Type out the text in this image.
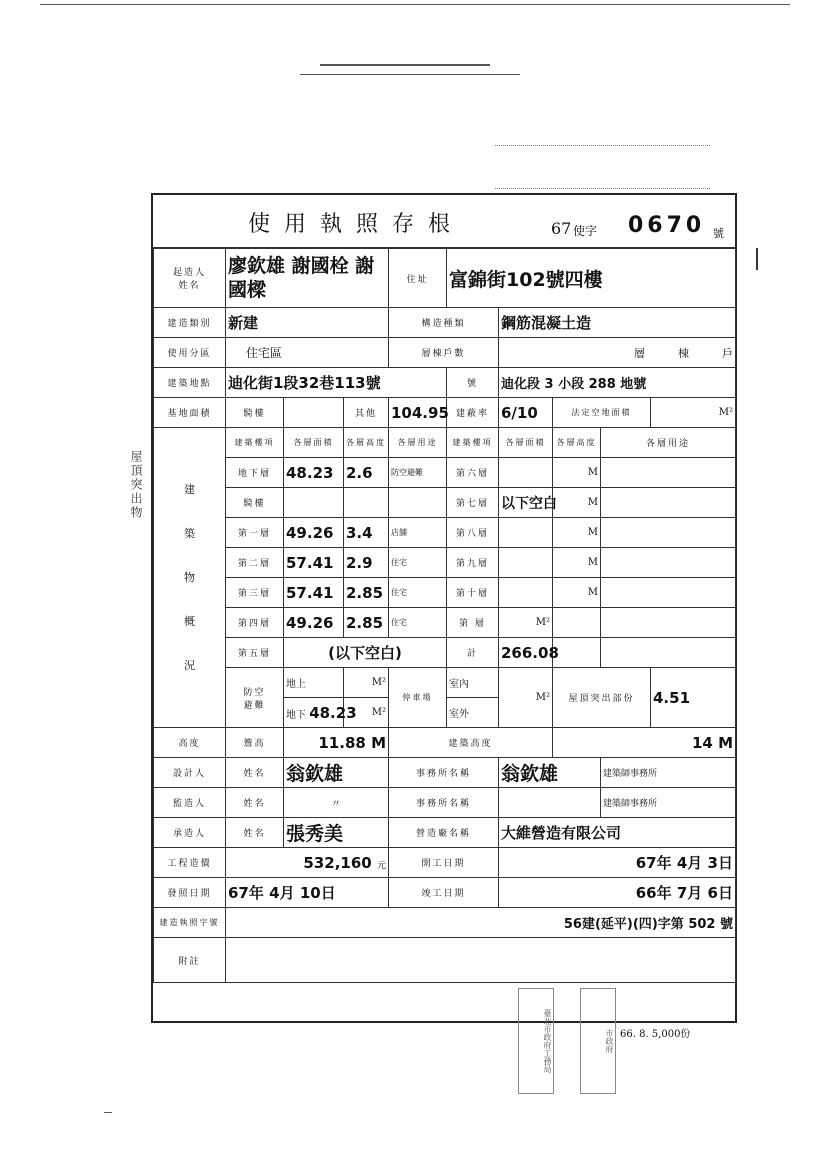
屋頂突出物
使用執照存根	67 使字 0670 號
起造人
姓名	廖欽雄 謝國栓 謝國樑			住址	富錦街102號四樓				
建造類別	新建			構造種類		鋼筋混凝土造			
使用分區	住宅區			層棟戶數		層    棟    戶			
建築地點	迪化街1段32巷113號				號	迪化段 3 小段 288 地號			
基地面積	騎樓		其他	104.95	建蔽率	6/10	法定空地面積		M²

建
築
物
概
況	建築樓項	各層面積	各層高度	各層用途	建築樓項	各層面積	各層高度	各層用途	
	地下層	48.23	2.6	防空避難	第六層		M		
	騎樓				第七層	以下空白	M		
	第一層	49.26	3.4	店舖	第八層		M		
	第二層	57.41	2.9	住宅	第九層		M		
	第三層	57.41	2.85	住宅	第十層		M		
	第四層	49.26	2.85	住宅	第 層	M²			
	第五層	(以下空白)			計	266.08			

	防空
避難	地上	M²	停車場	室內	M²	屋頂突出部份		4.51
		地下 48.23	M²		室外				
高度	簷高	11.88 M		建築高度			14 M		
設計人	姓名	翁欽雄		事務所名稱		翁欽雄		建築師事務所	
監造人	姓名	〃		事務所名稱				建築師事務所	
承造人	姓名	張秀美		營造廠名稱		大維營造有限公司			
工程造價	532,160 元			開工日期		67年 4月 3日			
發照日期	67年 4月 10日			竣工日期		66年 7月 6日			
建造執照字號	56建(延平)(四)字第 502 號								
附註									
66. 8. 5,000份
臺北市政府工務局	市政府
